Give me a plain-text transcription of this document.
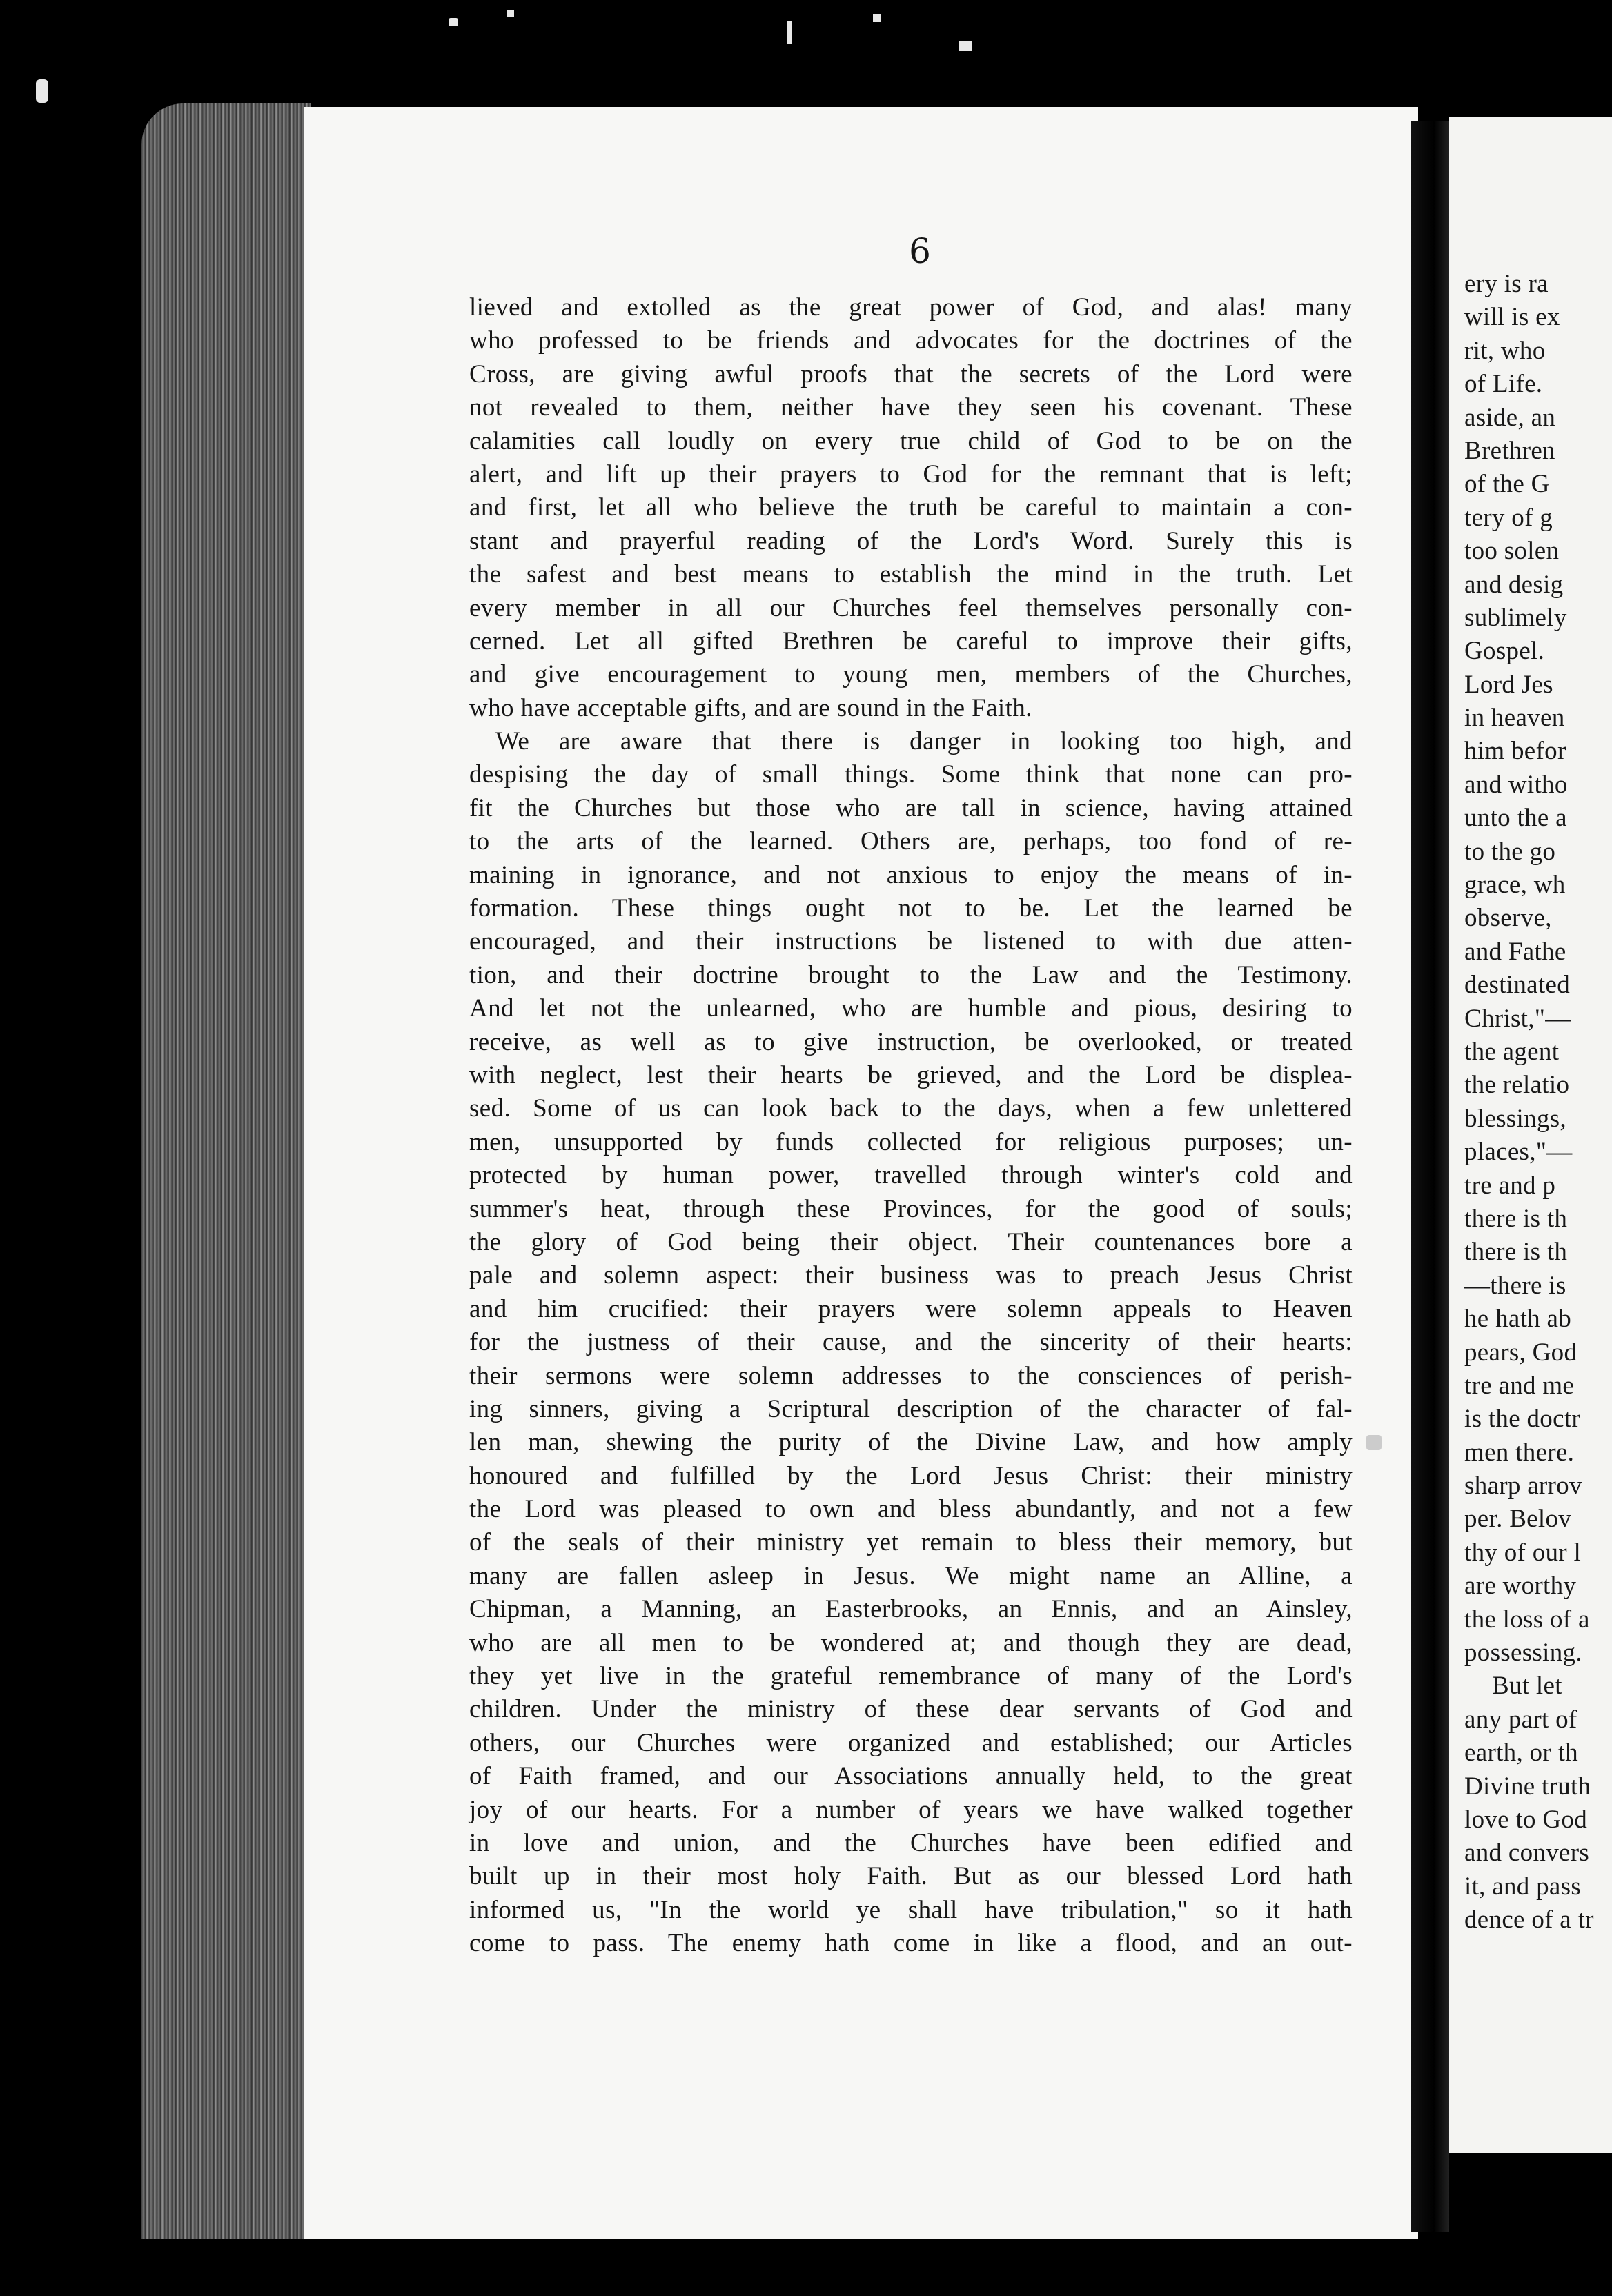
6
lieved and extolled as the great power of God, and alas! many
who professed to be friends and advocates for the doctrines of the
Cross, are giving awful proofs that the secrets of the Lord were
not revealed to them, neither have they seen his covenant. These
calamities call loudly on every true child of God to be on the
alert, and lift up their prayers to God for the remnant that is left;
and first, let all who believe the truth be careful to maintain a con-
stant and prayerful reading of the Lord's Word. Surely this is
the safest and best means to establish the mind in the truth. Let
every member in all our Churches feel themselves personally con-
cerned. Let all gifted Brethren be careful to improve their gifts,
and give encouragement to young men, members of the Churches,
who have acceptable gifts, and are sound in the Faith.
We are aware that there is danger in looking too high, and
despising the day of small things. Some think that none can pro-
fit the Churches but those who are tall in science, having attained
to the arts of the learned. Others are, perhaps, too fond of re-
maining in ignorance, and not anxious to enjoy the means of in-
formation. These things ought not to be. Let the learned be
encouraged, and their instructions be listened to with due atten-
tion, and their doctrine brought to the Law and the Testimony.
And let not the unlearned, who are humble and pious, desiring to
receive, as well as to give instruction, be overlooked, or treated
with neglect, lest their hearts be grieved, and the Lord be displea-
sed. Some of us can look back to the days, when a few unlettered
men, unsupported by funds collected for religious purposes; un-
protected by human power, travelled through winter's cold and
summer's heat, through these Provinces, for the good of souls;
the glory of God being their object. Their countenances bore a
pale and solemn aspect: their business was to preach Jesus Christ
and him crucified: their prayers were solemn appeals to Heaven
for the justness of their cause, and the sincerity of their hearts:
their sermons were solemn addresses to the consciences of perish-
ing sinners, giving a Scriptural description of the character of fal-
len man, shewing the purity of the Divine Law, and how amply
honoured and fulfilled by the Lord Jesus Christ: their ministry
the Lord was pleased to own and bless abundantly, and not a few
of the seals of their ministry yet remain to bless their memory, but
many are fallen asleep in Jesus. We might name an Alline, a
Chipman, a Manning, an Easterbrooks, an Ennis, and an Ainsley,
who are all men to be wondered at; and though they are dead,
they yet live in the grateful remembrance of many of the Lord's
children. Under the ministry of these dear servants of God and
others, our Churches were organized and established; our Articles
of Faith framed, and our Associations annually held, to the great
joy of our hearts. For a number of years we have walked together
in love and union, and the Churches have been edified and
built up in their most holy Faith. But as our blessed Lord hath
informed us, "In the world ye shall have tribulation," so it hath
come to pass. The enemy hath come in like a flood, and an out-
ery is ra
will is ex
rit, who
of Life.
aside, an
Brethren
of the G
tery of g
too solen
and desig
sublimely
Gospel.
Lord Jes
in heaven
him befor
and witho
unto the a
to the go
grace, wh
observe,
and Fathe
destinated
Christ,"—
the agent
the relatio
blessings,
places,"—
tre and p
there is th
there is th
—there is
he hath ab
pears, God
tre and me
is the doctr
men there.
sharp arrov
per. Belov
thy of our l
are worthy
the loss of a
possessing.
But let
any part of
earth, or th
Divine truth
love to God
and convers
it, and pass
dence of a tr
